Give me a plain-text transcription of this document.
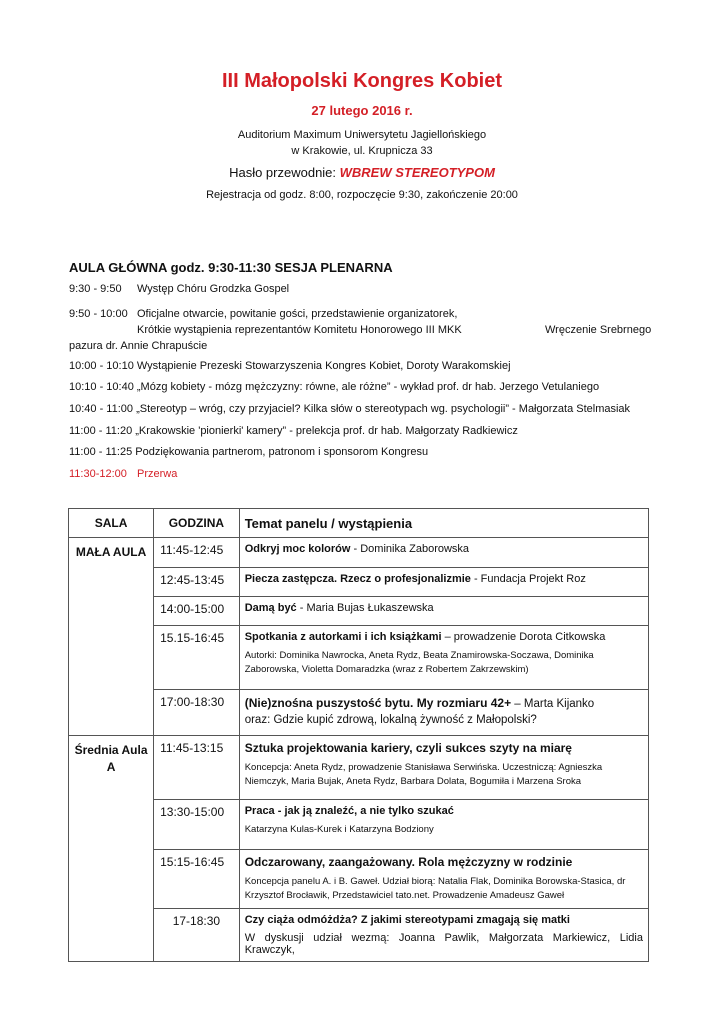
III Małopolski Kongres Kobiet
27 lutego 2016 r.
Auditorium Maximum Uniwersytetu Jagiellońskiego
w Krakowie, ul. Krupnicza 33
Hasło przewodnie: WBREW STEREOTYPOM
Rejestracja od godz. 8:00, rozpoczęcie 9:30, zakończenie 20:00
AULA GŁÓWNA godz. 9:30-11:30 SESJA PLENARNA
9:30 - 9:50 Występ Chóru Grodzka Gospel
9:50 - 10:00 Oficjalne otwarcie, powitanie gości, przedstawienie organizatorek,
Krótkie wystąpienia reprezentantów Komitetu Honorowego III MKK	Wręczenie Srebrnego
pazura dr. Annie Chrapuście
10:00 - 10:10 Wystąpienie Prezeski Stowarzyszenia Kongres Kobiet, Doroty Warakomskiej
10:10 - 10:40 „Mózg kobiety - mózg mężczyzny: równe, ale różne” - wykład prof. dr hab. Jerzego Vetulaniego
10:40 - 11:00 „Stereotyp – wróg, czy przyjaciel? Kilka słów o stereotypach wg. psychologii” - Małgorzata Stelmasiak
11:00 - 11:20 „Krakowskie 'pionierki' kamery” - prelekcja prof. dr hab. Małgorzaty Radkiewicz
11:00 - 11:25 Podziękowania partnerom, patronom i sponsorom Kongresu
11:30-12:00 Przerwa
SALA	GODZINA	Temat panelu / wystąpienia
MAŁA AULA	11:45-12:45	Odkryj moc kolorów - Dominika Zaborowska
	12:45-13:45	Piecza zastępcza. Rzecz o profesjonalizmie - Fundacja Projekt Roz
	14:00-15:00	Damą być - Maria Bujas Łukaszewska
	15.15-16:45	Spotkania z autorkami i ich książkami – prowadzenie Dorota Citkowska
Autorki: Dominika Nawrocka, Aneta Rydz, Beata Znamirowska-Soczawa, Dominika Zaborowska, Violetta Domaradzka (wraz z Robertem Zakrzewskim)

	17:00-18:30	(Nie)znośna puszystość bytu. My rozmiaru 42+ – Marta Kijanko
oraz: Gdzie kupić zdrową, lokalną żywność z Małopolski?

Średnia Aula A	11:45-13:15	Sztuka projektowania kariery, czyli sukces szyty na miarę
Koncepcja: Aneta Rydz, prowadzenie Stanisława Serwińska. Uczestniczą: Agnieszka Niemczyk, Maria Bujak, Aneta Rydz, Barbara Dolata, Bogumiła i Marzena Sroka

	13:30-15:00	Praca - jak ją znaleźć, a nie tylko szukać
Katarzyna Kulas-Kurek i Katarzyna Bodziony

	15:15-16:45	Odczarowany, zaangażowany. Rola mężczyzny w rodzinie
Koncepcja panelu A. i B. Gaweł. Udział biorą: Natalia Flak, Dominika Borowska-Stasica, dr Krzysztof Brocławik, Przedstawiciel tato.net. Prowadzenie Amadeusz Gaweł

	17-18:30	Czy ciąża odmóżdża? Z jakimi stereotypami zmagają się matki
W dyskusji udział wezmą: Joanna Pawlik, Małgorzata Markiewicz, Lidia Krawczyk,
